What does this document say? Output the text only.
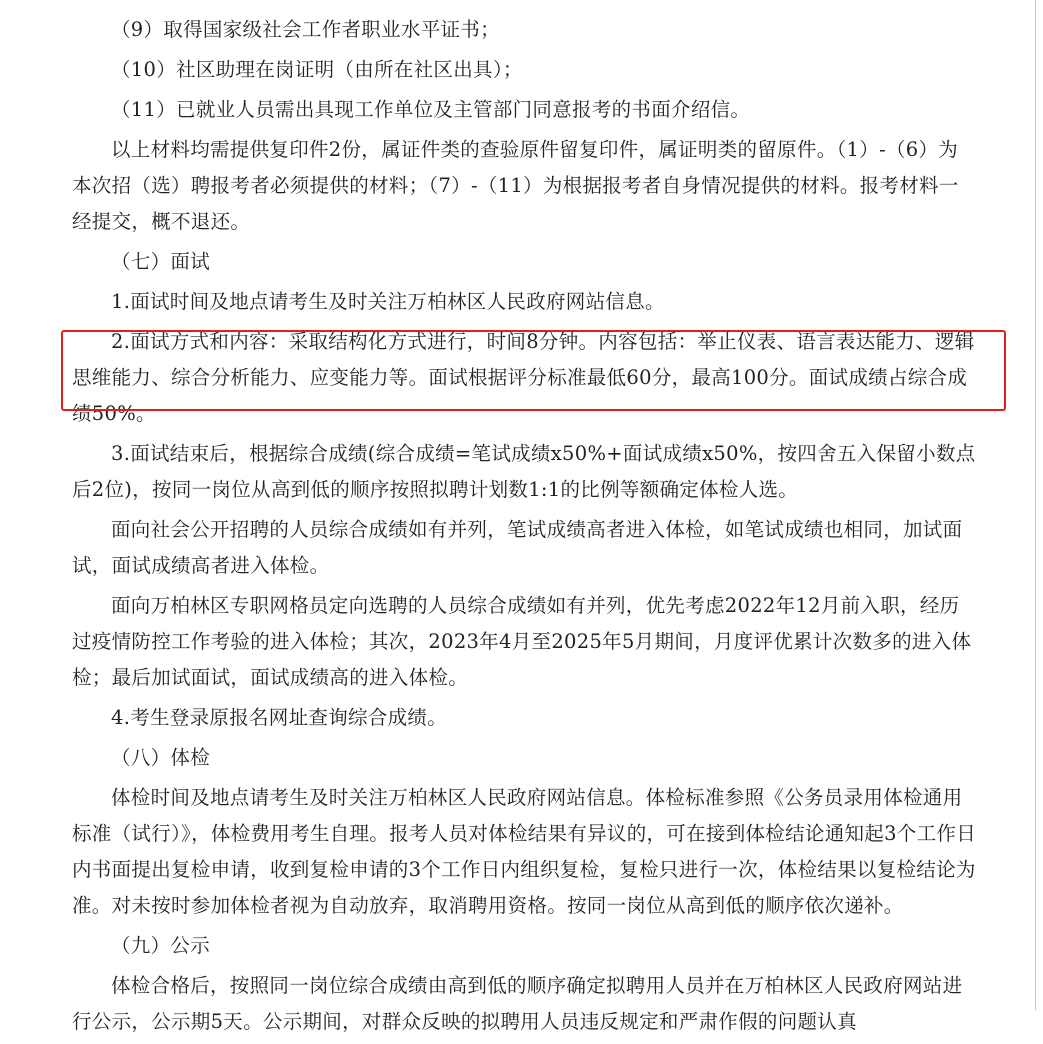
（9）取得国家级社会工作者职业水平证书；

（10）社区助理在岗证明（由所在社区出具）；

（11）已就业人员需出具现工作单位及主管部门同意报考的书面介绍信。

以上材料均需提供复印件2份，属证件类的查验原件留复印件，属证明类的留原件。（1）-（6）为本次招（选）聘报考者必须提供的材料；（7）-（11）为根据报考者自身情况提供的材料。报考材料一经提交，概不退还。

（七）面试

1.面试时间及地点请考生及时关注万柏林区人民政府网站信息。

2.面试方式和内容：采取结构化方式进行，时间8分钟。内容包括：举止仪表、语言表达能力、逻辑思维能力、综合分析能力、应变能力等。面试根据评分标准最低60分，最高100分。面试成绩占综合成绩50%。

3.面试结束后，根据综合成绩(综合成绩=笔试成绩x50%+面试成绩x50%，按四舍五入保留小数点后2位)，按同一岗位从高到低的顺序按照拟聘计划数1:1的比例等额确定体检人选。

面向社会公开招聘的人员综合成绩如有并列，笔试成绩高者进入体检，如笔试成绩也相同，加试面试，面试成绩高者进入体检。

面向万柏林区专职网格员定向选聘的人员综合成绩如有并列，优先考虑2022年12月前入职，经历过疫情防控工作考验的进入体检；其次，2023年4月至2025年5月期间，月度评优累计次数多的进入体检；最后加试面试，面试成绩高的进入体检。

4.考生登录原报名网址查询综合成绩。

（八）体检

体检时间及地点请考生及时关注万柏林区人民政府网站信息。体检标准参照《公务员录用体检通用标准（试行）》，体检费用考生自理。报考人员对体检结果有异议的，可在接到体检结论通知起3个工作日内书面提出复检申请，收到复检申请的3个工作日内组织复检，复检只进行一次，体检结果以复检结论为准。对未按时参加体检者视为自动放弃，取消聘用资格。按同一岗位从高到低的顺序依次递补。

（九）公示

体检合格后，按照同一岗位综合成绩由高到低的顺序确定拟聘用人员并在万柏林区人民政府网站进行公示，公示期5天。公示期间，对群众反映的拟聘用人员违反规定和严肃作假的问题认真
